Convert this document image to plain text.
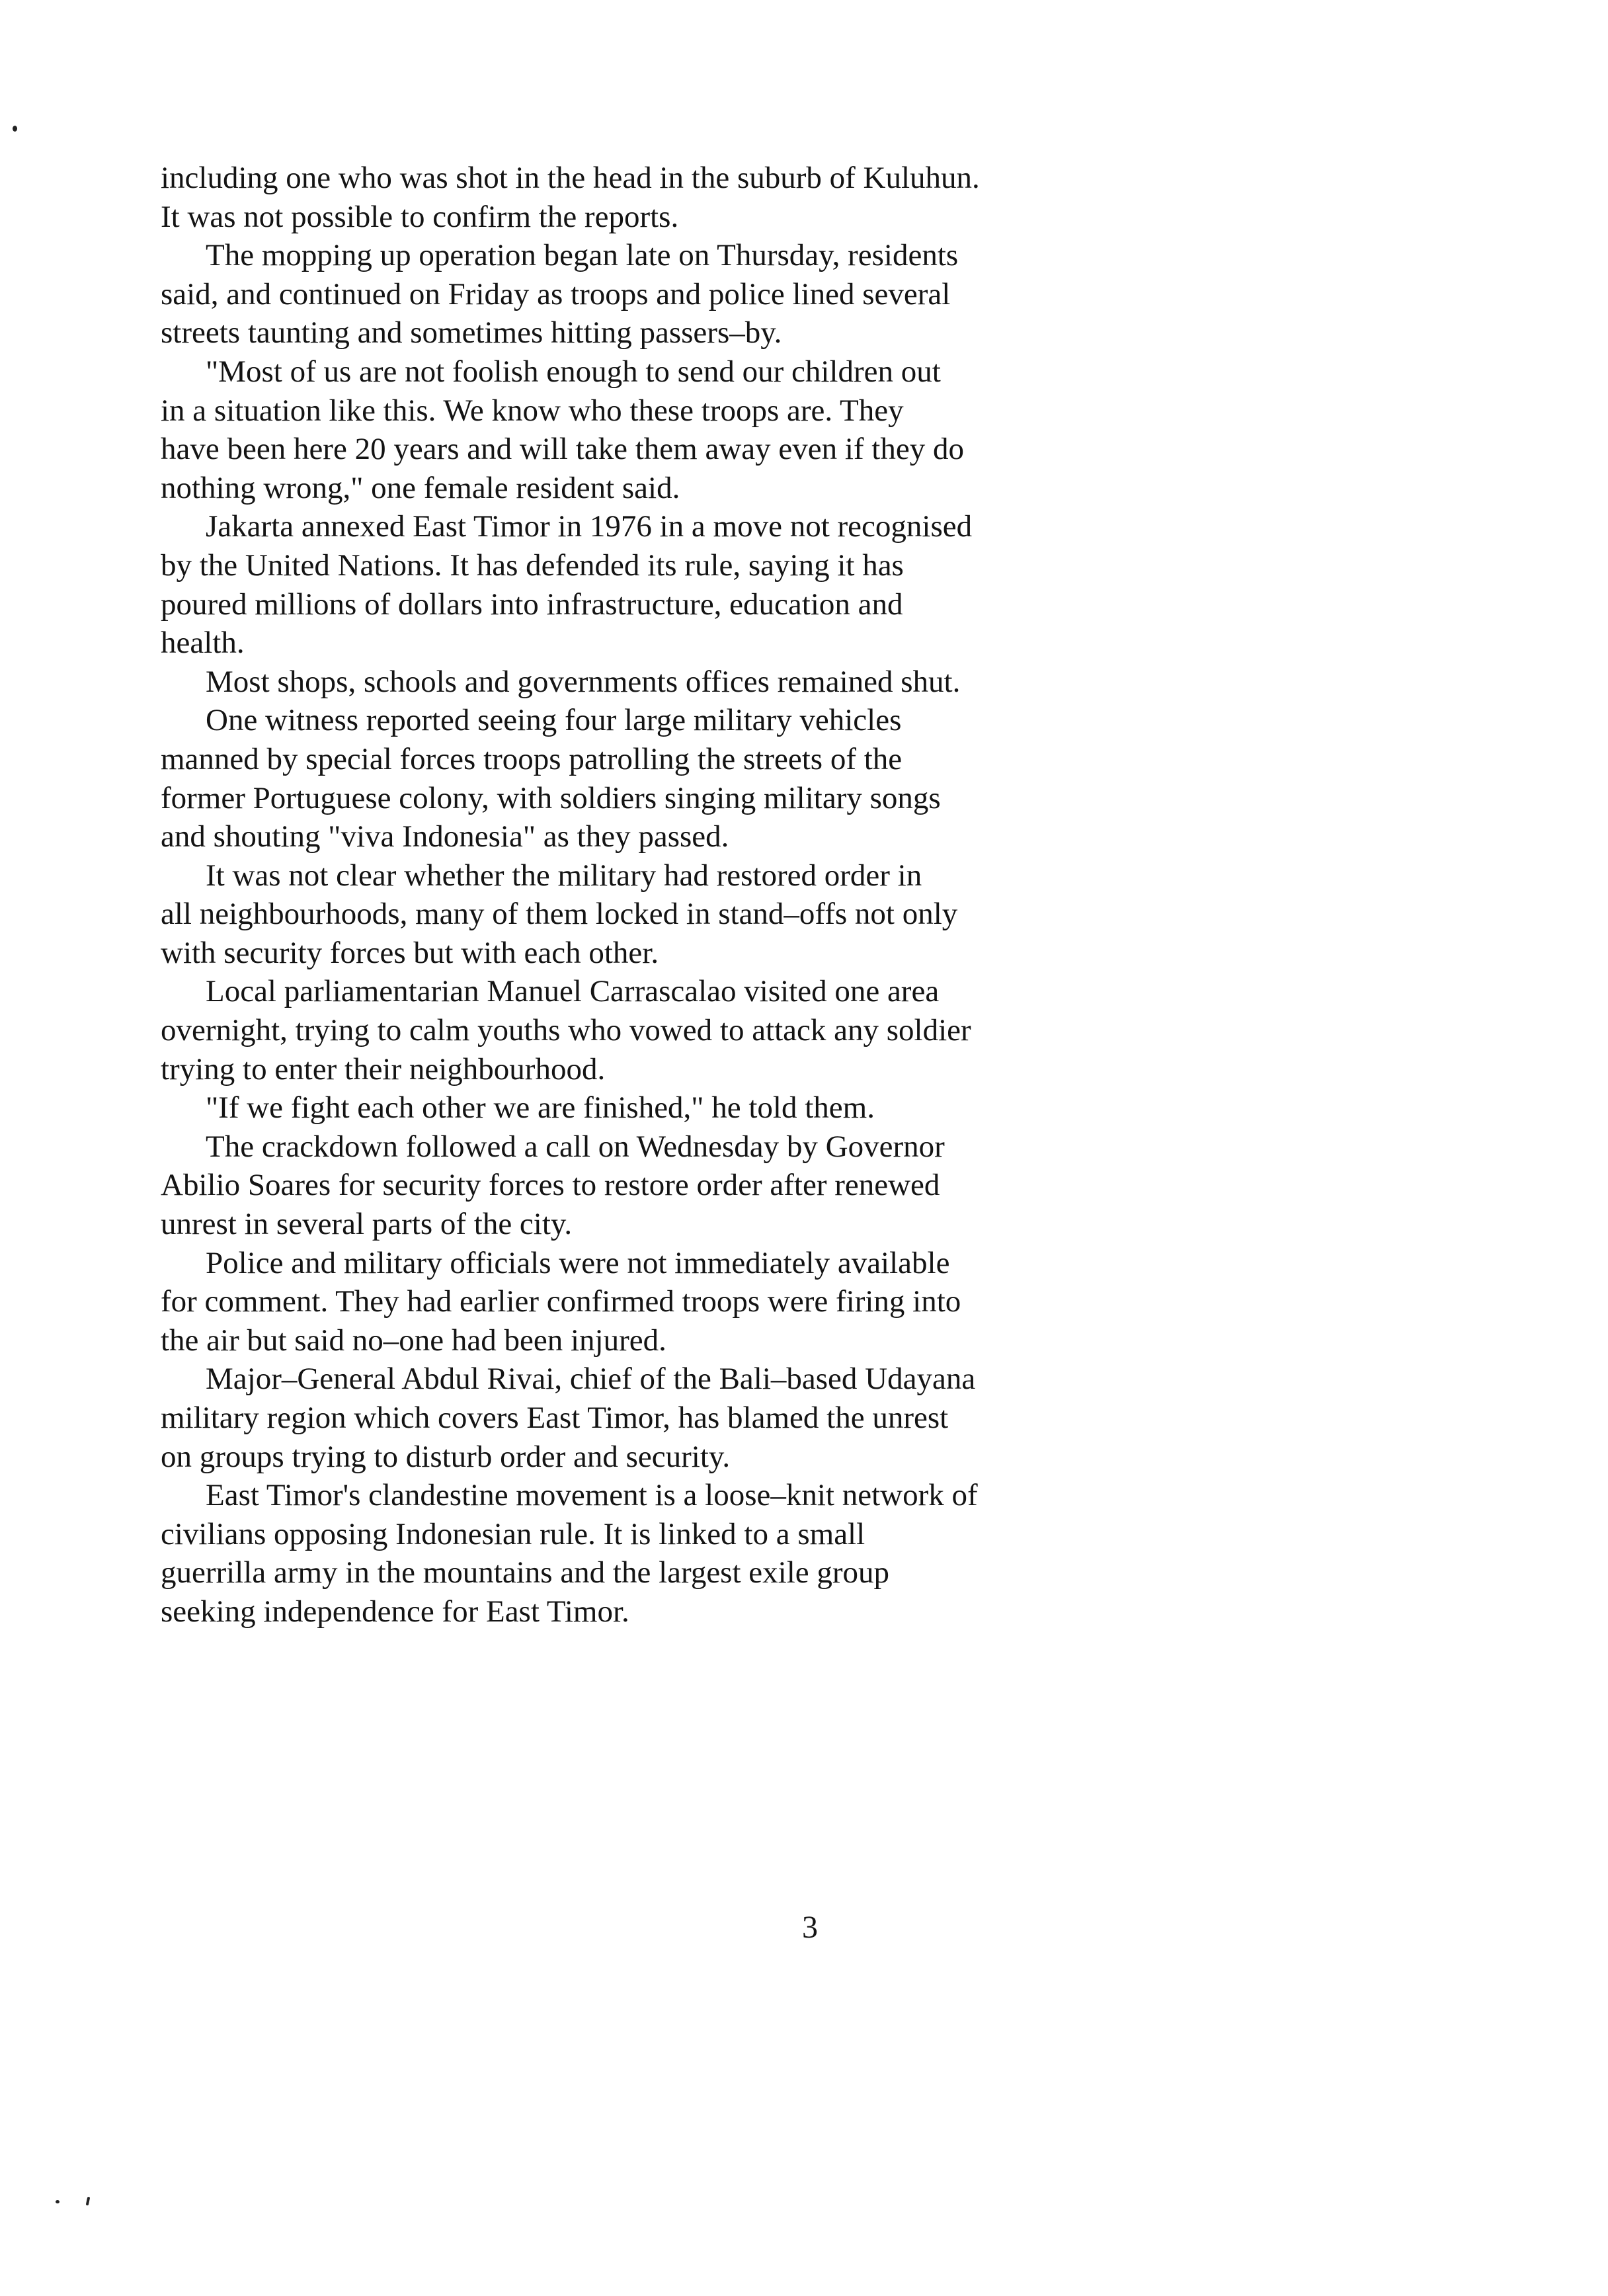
including one who was shot in the head in the suburb of Kuluhun.
It was not possible to confirm the reports.
The mopping up operation began late on Thursday, residents
said, and continued on Friday as troops and police lined several
streets taunting and sometimes hitting passers–by.
"Most of us are not foolish enough to send our children out
in a situation like this. We know who these troops are. They
have been here 20 years and will take them away even if they do
nothing wrong," one female resident said.
Jakarta annexed East Timor in 1976 in a move not recognised
by the United Nations. It has defended its rule, saying it has
poured millions of dollars into infrastructure, education and
health.
Most shops, schools and governments offices remained shut.
One witness reported seeing four large military vehicles
manned by special forces troops patrolling the streets of the
former Portuguese colony, with soldiers singing military songs
and shouting "viva Indonesia" as they passed.
It was not clear whether the military had restored order in
all neighbourhoods, many of them locked in stand–offs not only
with security forces but with each other.
Local parliamentarian Manuel Carrascalao visited one area
overnight, trying to calm youths who vowed to attack any soldier
trying to enter their neighbourhood.
"If we fight each other we are finished," he told them.
The crackdown followed a call on Wednesday by Governor
Abilio Soares for security forces to restore order after renewed
unrest in several parts of the city.
Police and military officials were not immediately available
for comment. They had earlier confirmed troops were firing into
the air but said no–one had been injured.
Major–General Abdul Rivai, chief of the Bali–based Udayana
military region which covers East Timor, has blamed the unrest
on groups trying to disturb order and security.
East Timor's clandestine movement is a loose–knit network of
civilians opposing Indonesian rule. It is linked to a small
guerrilla army in the mountains and the largest exile group
seeking independence for East Timor.
3
